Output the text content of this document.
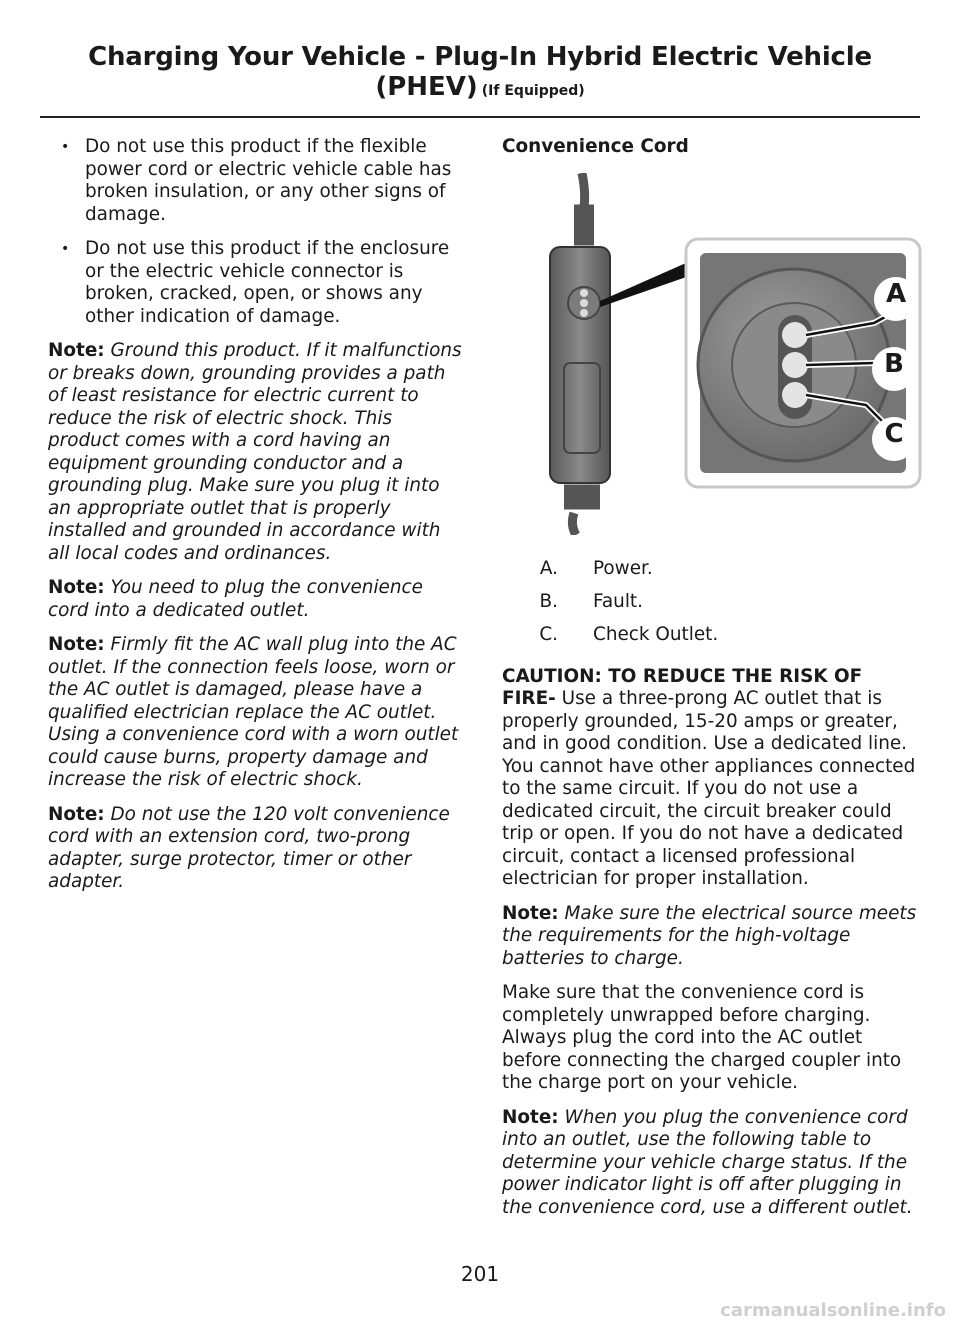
Charging Your Vehicle - Plug-In Hybrid Electric Vehicle
(PHEV) (If Equipped)
• Do not use this product if the flexible power cord or electric vehicle cable has broken insulation, or any other signs of damage.
• Do not use this product if the enclosure or the electric vehicle connector is broken, cracked, open, or shows any other indication of damage.

Note: Ground this product. If it malfunctions or breaks down, grounding provides a path of least resistance for electric current to reduce the risk of electric shock. This product comes with a cord having an equipment grounding conductor and a grounding plug. Make sure you plug it into an appropriate outlet that is properly installed and grounded in accordance with all local codes and ordinances.

Note: You need to plug the convenience cord into a dedicated outlet.

Note: Firmly fit the AC wall plug into the AC outlet. If the connection feels loose, worn or the AC outlet is damaged, please have a qualified electrician replace the AC outlet. Using a convenience cord with a worn outlet could cause burns, property damage and increase the risk of electric shock.

Note: Do not use the 120 volt convenience cord with an extension cord, two-prong adapter, surge protector, timer or other adapter.

Convenience Cord
A
B
C
A. Power.
B. Fault.
C. Check Outlet.

CAUTION: TO REDUCE THE RISK OF FIRE- Use a three-prong AC outlet that is properly grounded, 15-20 amps or greater, and in good condition. Use a dedicated line. You cannot have other appliances connected to the same circuit. If you do not use a dedicated circuit, the circuit breaker could trip or open. If you do not have a dedicated circuit, contact a licensed professional electrician for proper installation.

Note: Make sure the electrical source meets the requirements for the high-voltage batteries to charge.

Make sure that the convenience cord is completely unwrapped before charging. Always plug the cord into the AC outlet before connecting the charged coupler into the charge port on your vehicle.

Note: When you plug the convenience cord into an outlet, use the following table to determine your vehicle charge status. If the power indicator light is off after plugging in the convenience cord, use a different outlet.

201
carmanualsonline.info
